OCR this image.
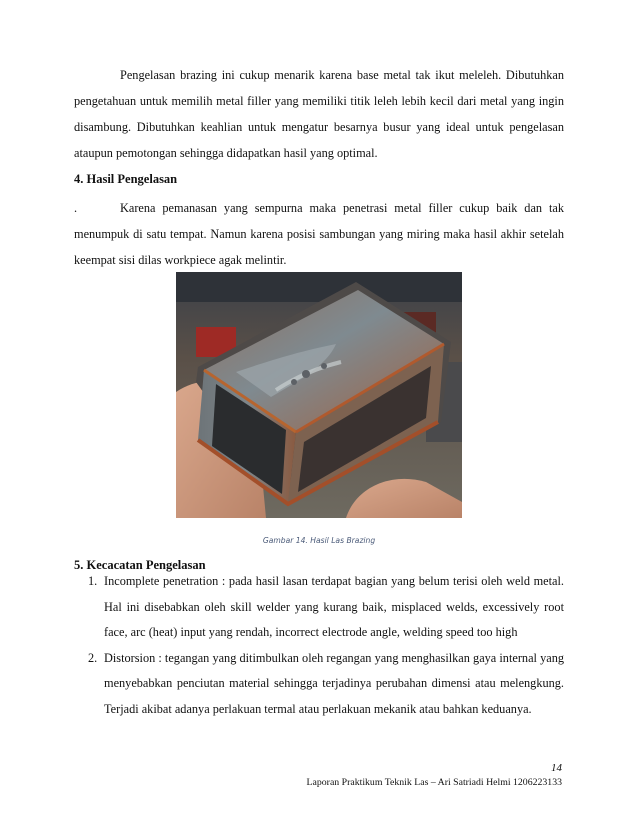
Pengelasan brazing ini cukup menarik karena base metal tak ikut meleleh. Dibutuhkan pengetahuan untuk memilih metal filler yang memiliki titik leleh lebih kecil dari metal yang ingin disambung. Dibutuhkan keahlian untuk mengatur besarnya busur yang ideal untuk pengelasan ataupun pemotongan sehingga didapatkan hasil yang optimal.

4. Hasil Pengelasan

.	Karena pemanasan yang sempurna maka penetrasi metal filler cukup baik dan tak menumpuk di satu tempat. Namun karena posisi sambungan yang miring maka hasil akhir setelah keempat sisi dilas workpiece agak melintir.

Gambar 14. Hasil Las Brazing
5. Kecacatan Pengelasan
1. Incomplete penetration : pada hasil lasan terdapat bagian yang belum terisi oleh weld metal. Hal ini disebabkan oleh skill welder yang kurang baik, misplaced welds, excessively root face, arc (heat) input yang rendah, incorrect electrode angle, welding speed too high
2. Distorsion : tegangan yang ditimbulkan oleh regangan yang menghasilkan gaya internal yang menyebabkan penciutan material sehingga terjadinya perubahan dimensi atau melengkung. Terjadi akibat adanya perlakuan termal atau perlakuan mekanik atau bahkan keduanya.
14
Laporan Praktikum Teknik Las – Ari Satriadi Helmi 1206223133
